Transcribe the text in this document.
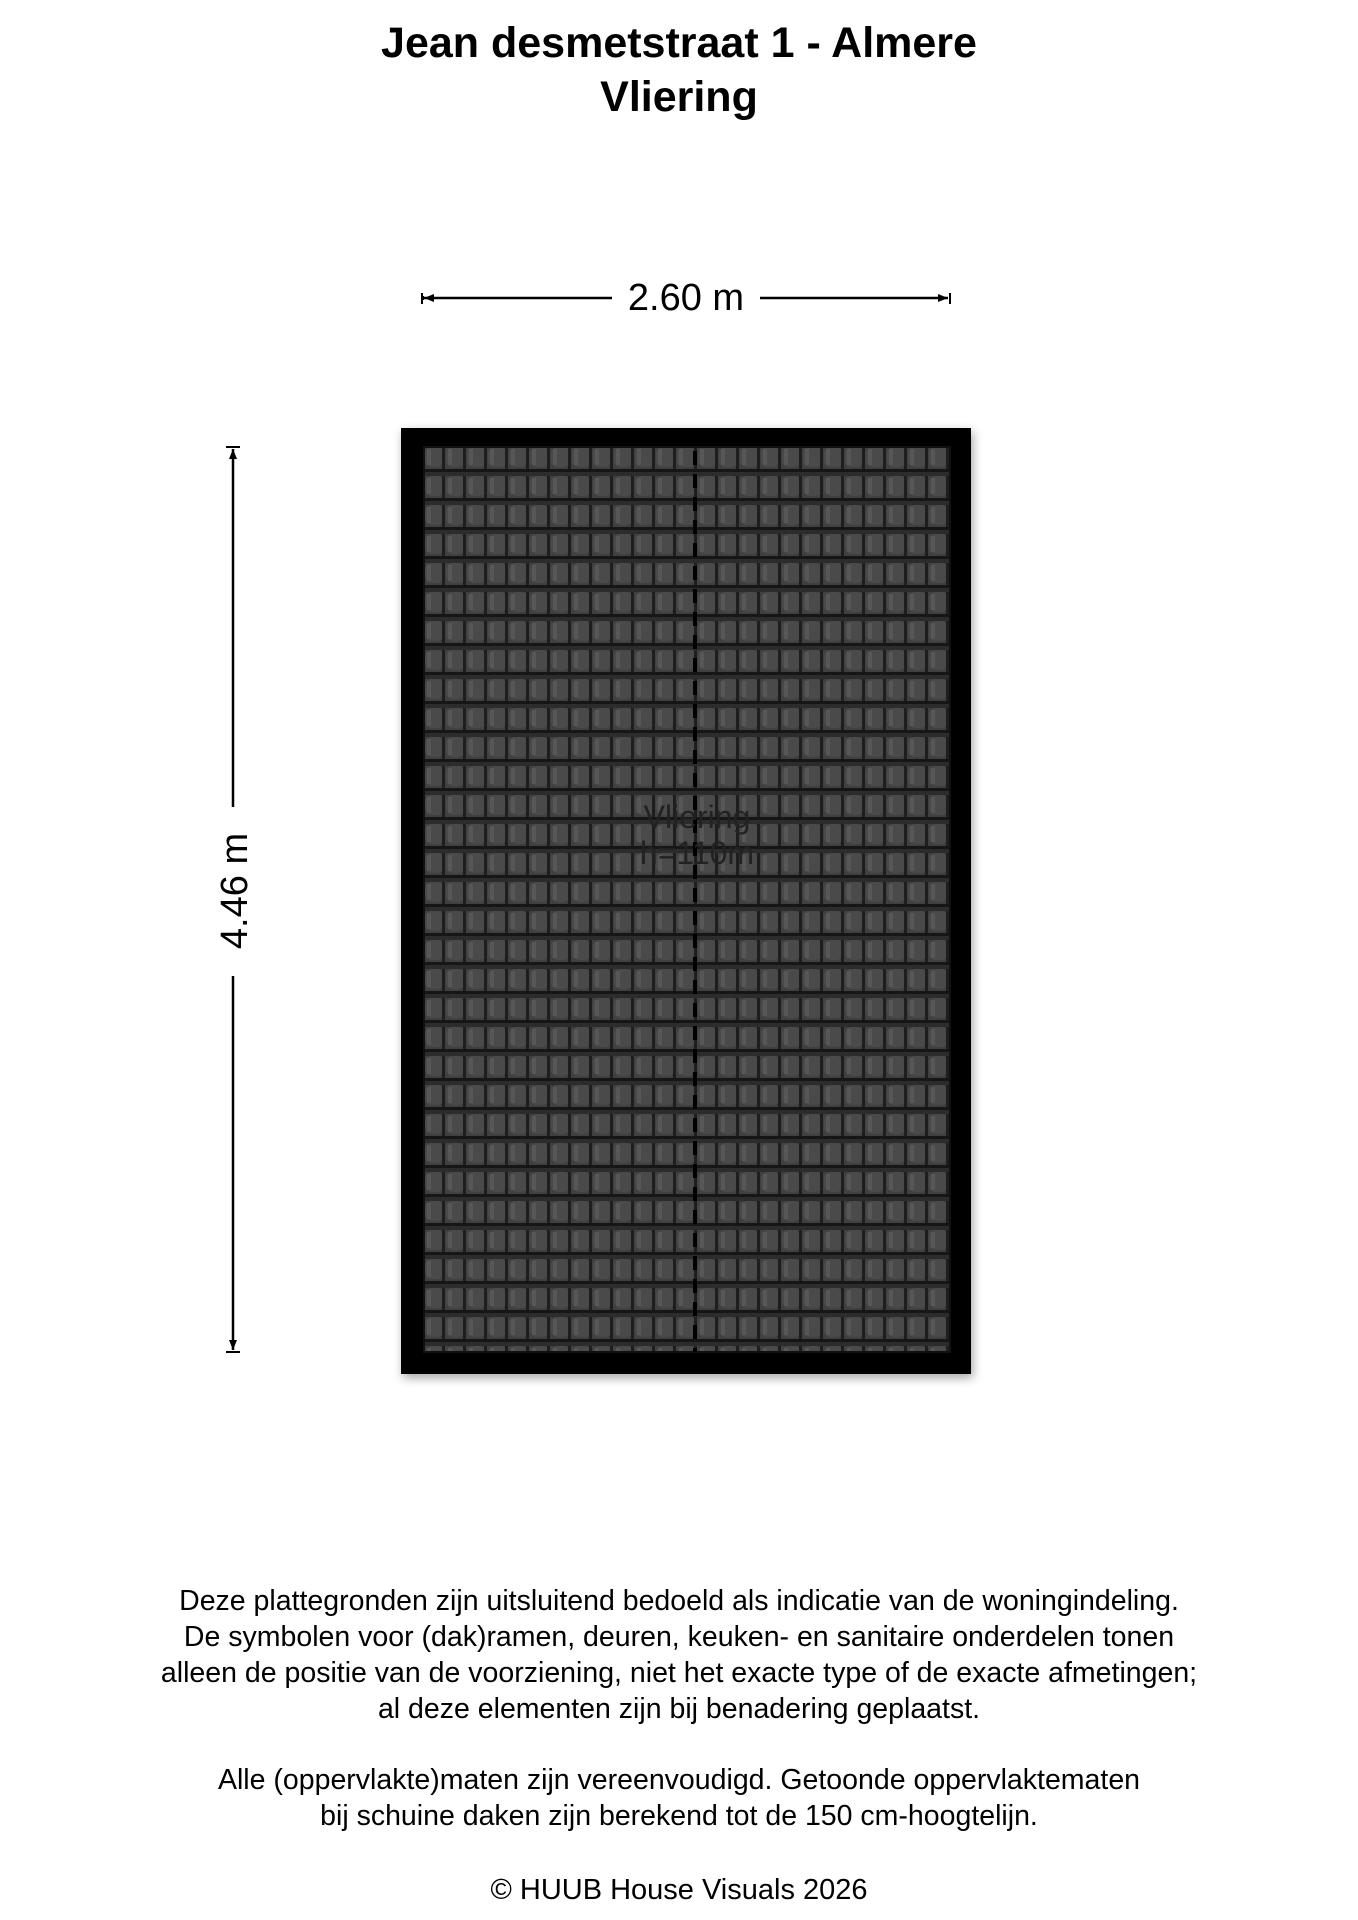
Jean desmetstraat 1 - Almere
Vliering
2.60 m
4.46 m
Vliering
h=110m
Deze plattegronden zijn uitsluitend bedoeld als indicatie van de woningindeling.
De symbolen voor (dak)ramen, deuren, keuken- en sanitaire onderdelen tonen
alleen de positie van de voorziening, niet het exacte type of de exacte afmetingen;
al deze elementen zijn bij benadering geplaatst.
Alle (oppervlakte)maten zijn vereenvoudigd. Getoonde oppervlaktematen
bij schuine daken zijn berekend tot de 150 cm-hoogtelijn.
© HUUB House Visuals 2026
